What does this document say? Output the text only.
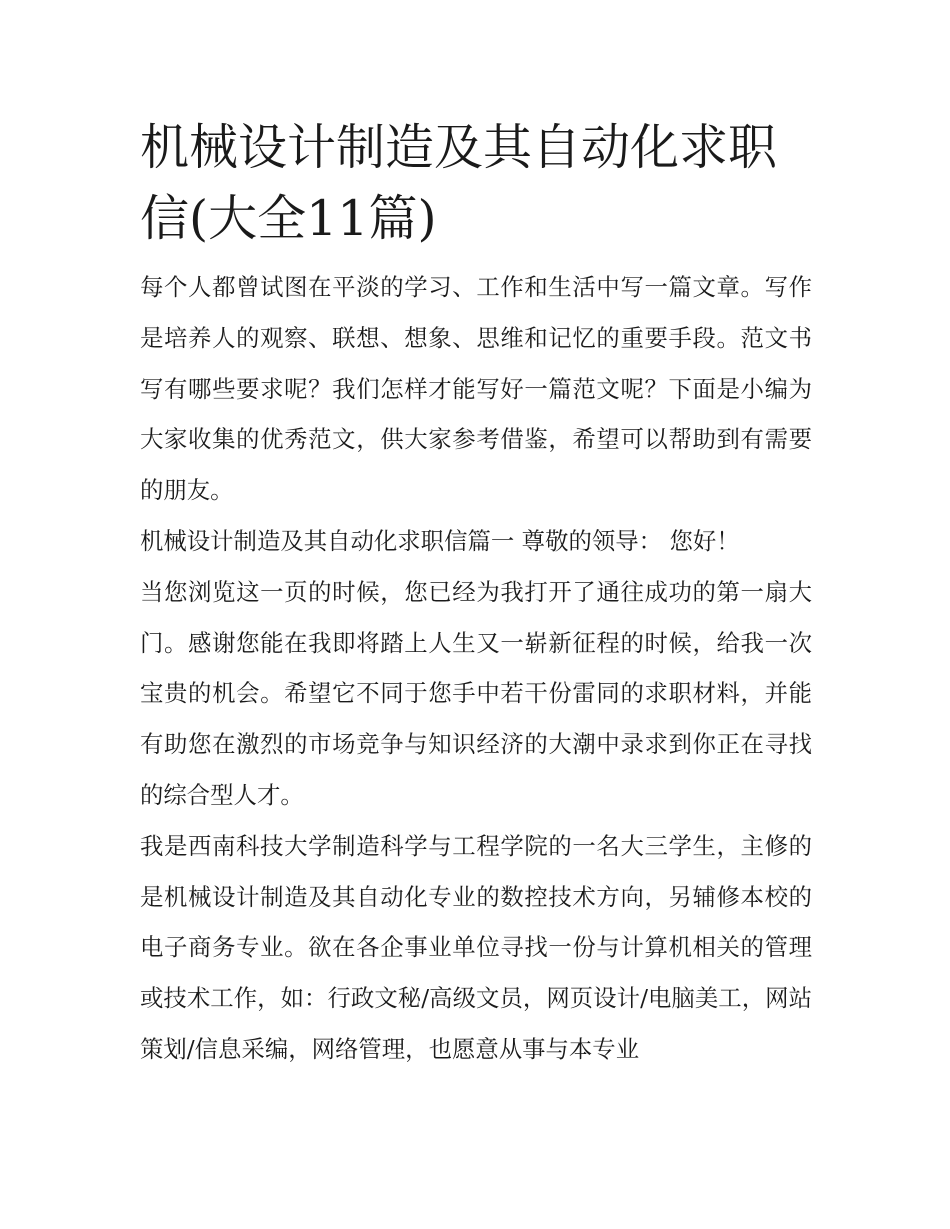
机械设计制造及其自动化求职信(大全11篇)

每个人都曾试图在平淡的学习、工作和生活中写一篇文章。写作是培养人的观察、联想、想象、思维和记忆的重要手段。范文书写有哪些要求呢？我们怎样才能写好一篇范文呢？下面是小编为大家收集的优秀范文，供大家参考借鉴，希望可以帮助到有需要的朋友。

机械设计制造及其自动化求职信篇一 尊敬的领导： 您好！

当您浏览这一页的时候，您已经为我打开了通往成功的第一扇大门。感谢您能在我即将踏上人生又一崭新征程的时候，给我一次宝贵的机会。希望它不同于您手中若干份雷同的求职材料，并能有助您在激烈的市场竞争与知识经济的大潮中录求到你正在寻找的综合型人才。

我是西南科技大学制造科学与工程学院的一名大三学生，主修的是机械设计制造及其自动化专业的数控技术方向，另辅修本校的电子商务专业。欲在各企事业单位寻找一份与计算机相关的管理或技术工作，如：行政文秘/高级文员，网页设计/电脑美工，网站策划/信息采编，网络管理，也愿意从事与本专业
